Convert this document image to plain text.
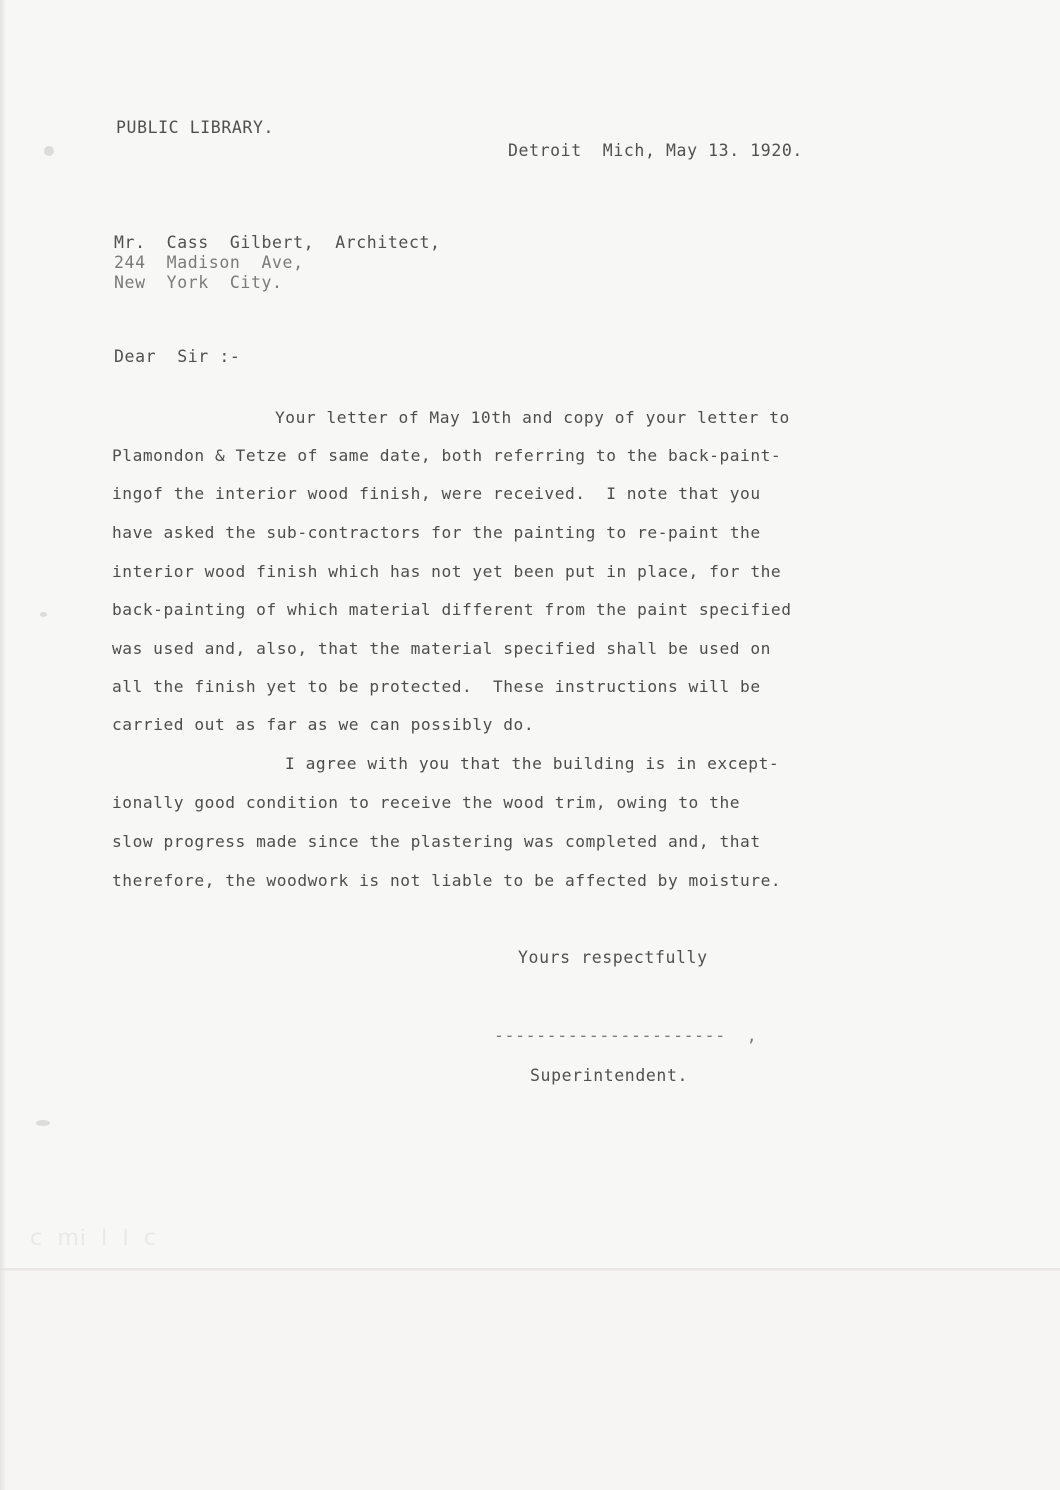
ⅽ ⅿⅰ ⅼ ⅼ ⅽ
PUBLIC LIBRARY.
Detroit  Mich, May 13. 1920.
Mr.  Cass  Gilbert,  Architect,
244  Madison  Ave,
New  York  City.
Dear  Sir :-
Your letter of May 10th and copy of your letter to
Plamondon & Tetze of same date, both referring to the back-paint-
ingof the interior wood finish, were received.  I note that you
have asked the sub-contractors for the painting to re-paint the
interior wood finish which has not yet been put in place, for the
back-painting of which material different from the paint specified
was used and, also, that the material specified shall be used on
all the finish yet to be protected.  These instructions will be
carried out as far as we can possibly do.
I agree with you that the building is in except-
ionally good condition to receive the wood trim, owing to the
slow progress made since the plastering was completed and, that
therefore, the woodwork is not liable to be affected by moisture.
Yours respectfully
----------------------  ,
Superintendent.
